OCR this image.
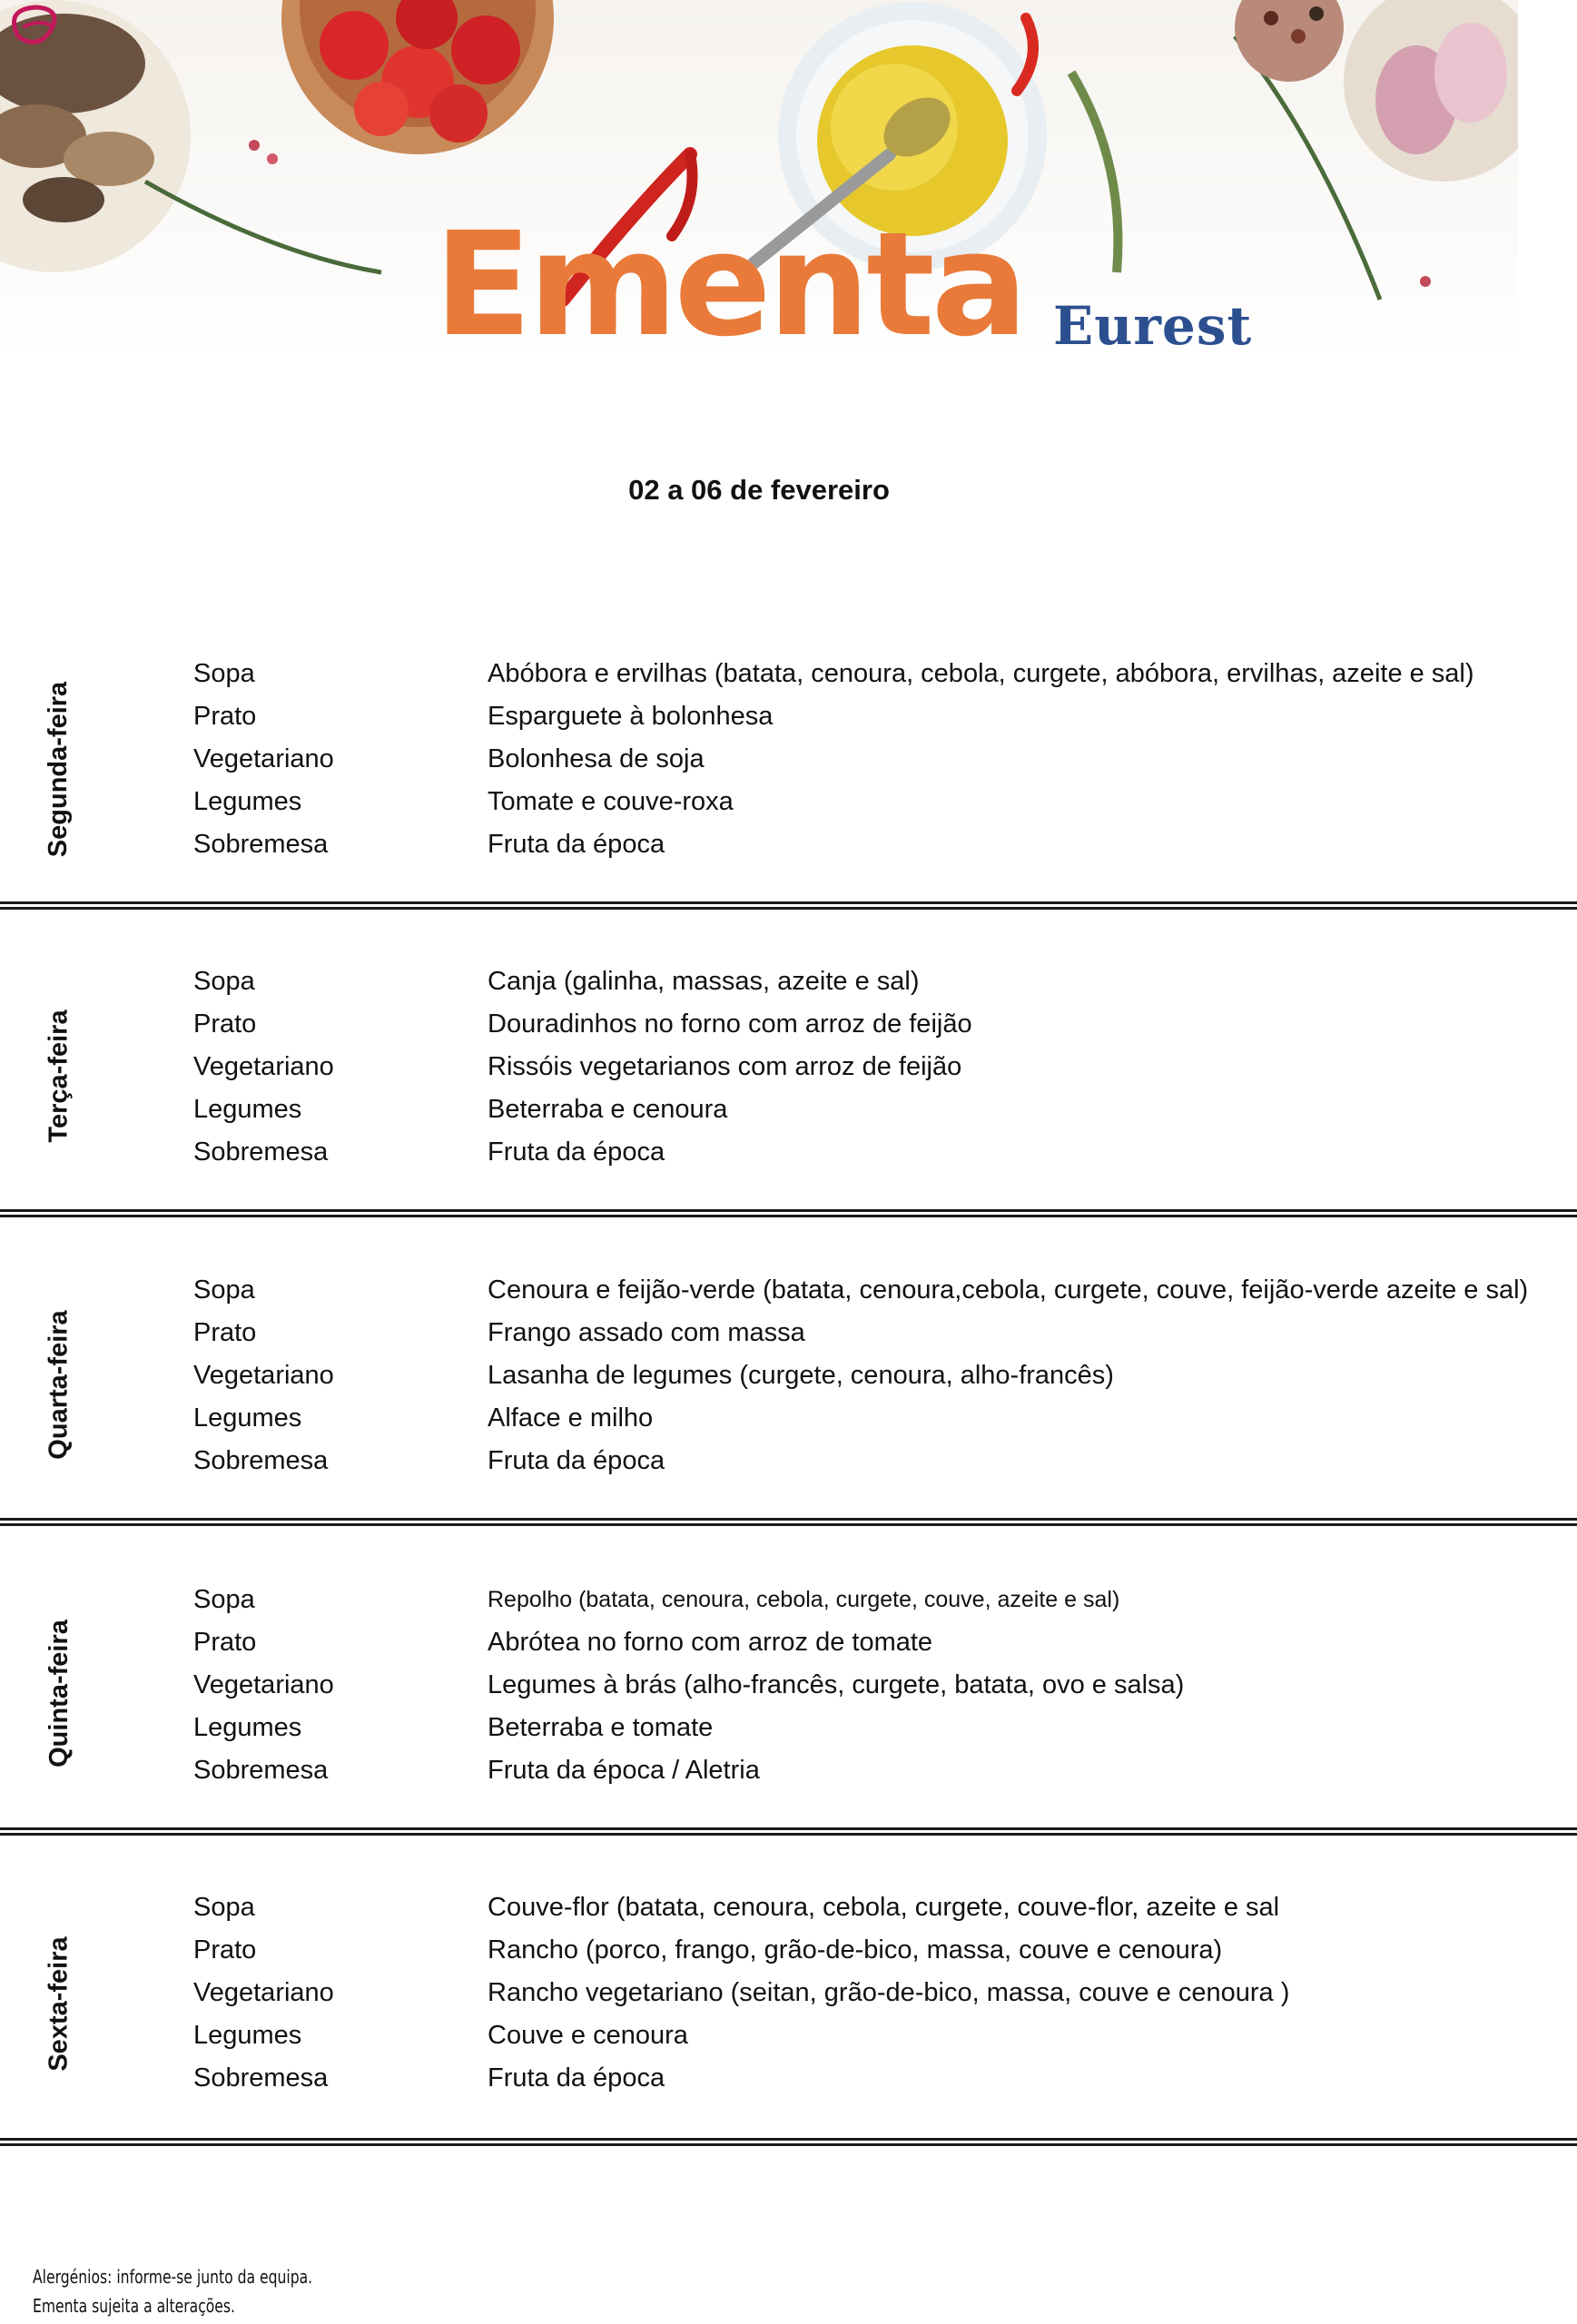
Ementa Eurest
02 a 06 de fevereiro
Segunda-feira
Sopa	Abóbora e ervilhas (batata, cenoura, cebola, curgete, abóbora, ervilhas, azeite e sal)
Prato	Esparguete à bolonhesa
Vegetariano	Bolonhesa de soja
Legumes	Tomate e couve-roxa
Sobremesa	Fruta da época
Terça-feira
Sopa	Canja (galinha, massas, azeite e sal)
Prato	Douradinhos no forno com arroz de feijão
Vegetariano	Rissóis vegetarianos com arroz de feijão
Legumes	Beterraba e cenoura
Sobremesa	Fruta da época
Quarta-feira
Sopa	Cenoura e feijão-verde (batata, cenoura,cebola, curgete, couve, feijão-verde azeite e sal)
Prato	Frango assado com massa
Vegetariano	Lasanha de legumes (curgete, cenoura, alho-francês)
Legumes	Alface e milho
Sobremesa	Fruta da época
Quinta-feira
Sopa	Repolho (batata, cenoura, cebola, curgete, couve, azeite e sal)
Prato	Abrótea no forno com arroz de tomate
Vegetariano	Legumes à brás (alho-francês, curgete, batata, ovo e salsa)
Legumes	Beterraba e tomate
Sobremesa	Fruta da época / Aletria
Sexta-feira
Sopa	Couve-flor (batata, cenoura, cebola, curgete, couve-flor, azeite e sal
Prato	Rancho (porco, frango, grão-de-bico, massa, couve e cenoura)
Vegetariano	Rancho vegetariano (seitan, grão-de-bico, massa, couve e cenoura )
Legumes	Couve e cenoura
Sobremesa	Fruta da época
Alergénios: informe-se junto da equipa.
Ementa sujeita a alterações.
